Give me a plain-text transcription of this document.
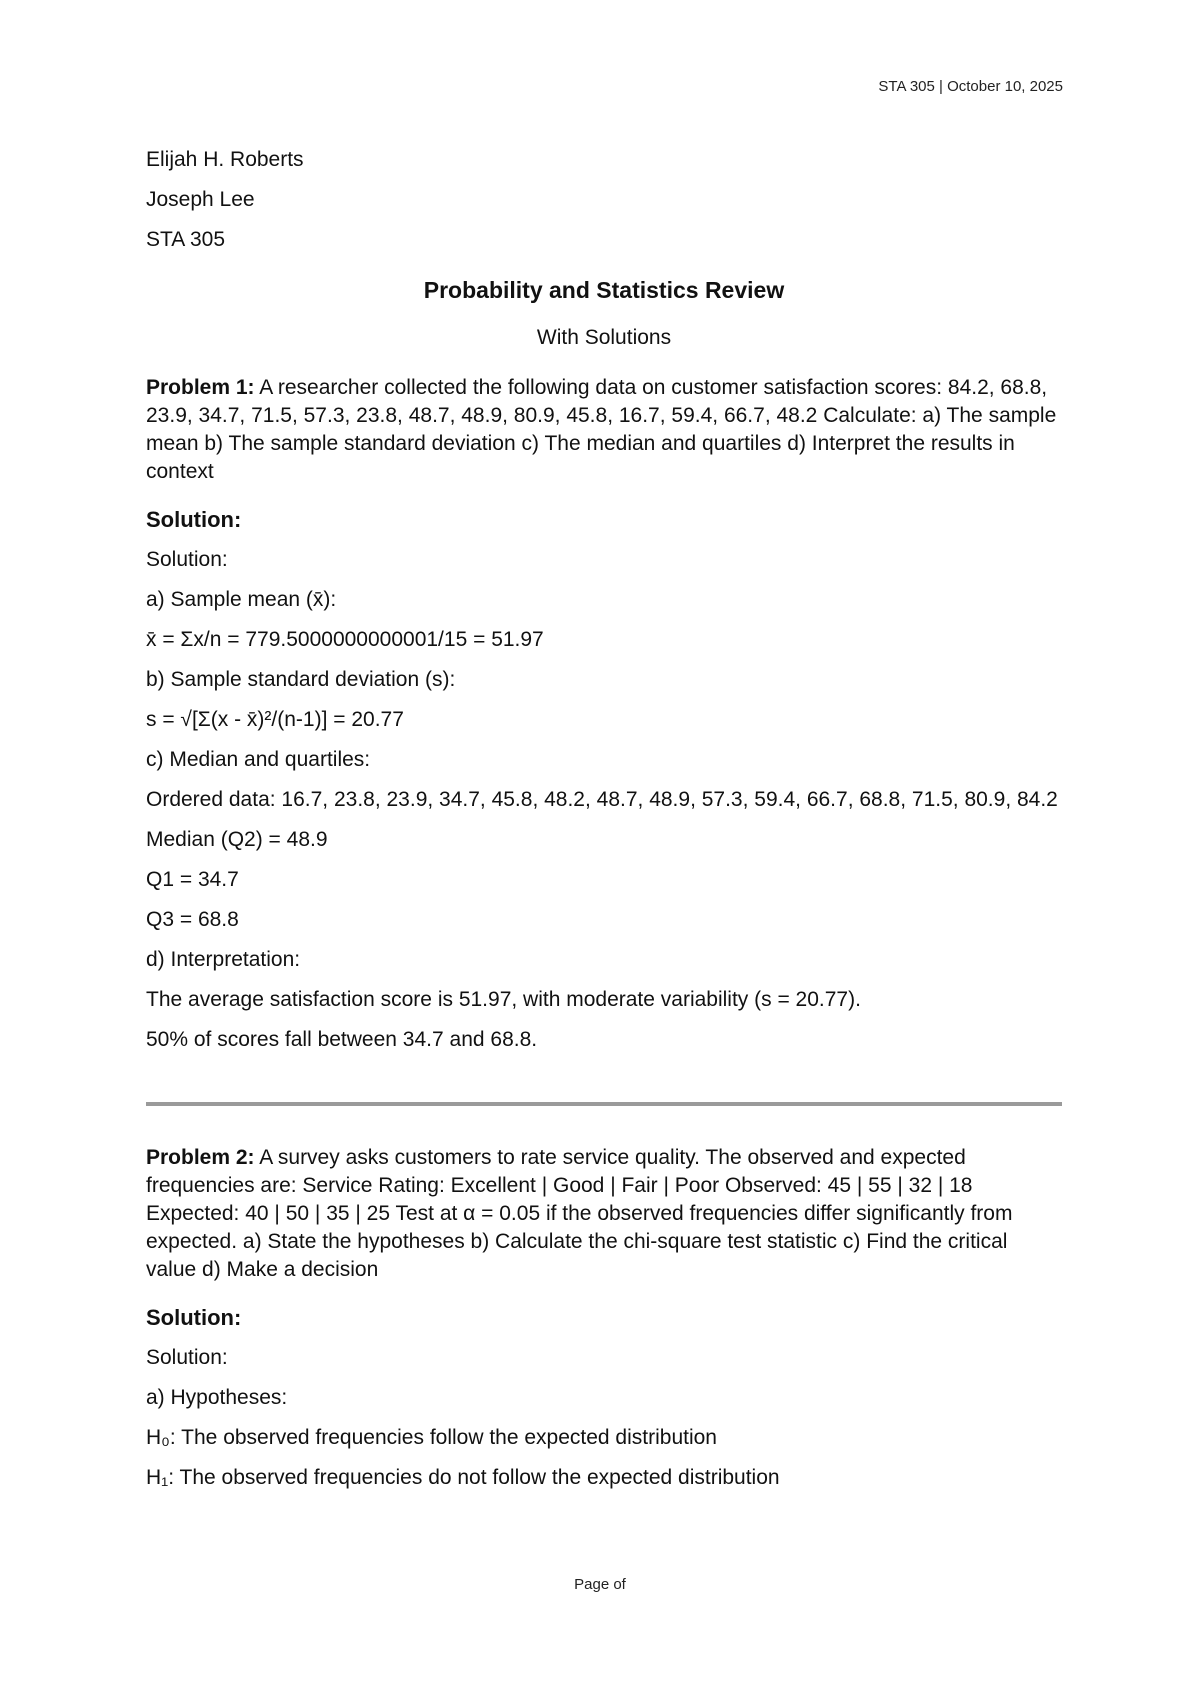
STA 305 | October 10, 2025
Elijah H. Roberts
Joseph Lee
STA 305
Probability and Statistics Review
With Solutions
Problem 1: A researcher collected the following data on customer satisfaction scores: 84.2, 68.8, 23.9, 34.7, 71.5, 57.3, 23.8, 48.7, 48.9, 80.9, 45.8, 16.7, 59.4, 66.7, 48.2 Calculate: a) The sample mean b) The sample standard deviation c) The median and quartiles d) Interpret the results in context
Solution:
Solution:
a) Sample mean (x̄):
x̄ = Σx/n = 779.5000000000001/15 = 51.97
b) Sample standard deviation (s):
s = √[Σ(x - x̄)²/(n-1)] = 20.77
c) Median and quartiles:
Ordered data: 16.7, 23.8, 23.9, 34.7, 45.8, 48.2, 48.7, 48.9, 57.3, 59.4, 66.7, 68.8, 71.5, 80.9, 84.2
Median (Q2) = 48.9
Q1 = 34.7
Q3 = 68.8
d) Interpretation:
The average satisfaction score is 51.97, with moderate variability (s = 20.77).
50% of scores fall between 34.7 and 68.8.
Problem 2: A survey asks customers to rate service quality. The observed and expected frequencies are: Service Rating: Excellent | Good | Fair | Poor Observed: 45 | 55 | 32 | 18 Expected: 40 | 50 | 35 | 25 Test at α = 0.05 if the observed frequencies differ significantly from expected. a) State the hypotheses b) Calculate the chi-square test statistic c) Find the critical value d) Make a decision
Solution:
Solution:
a) Hypotheses:
H₀: The observed frequencies follow the expected distribution
H₁: The observed frequencies do not follow the expected distribution
Page of
